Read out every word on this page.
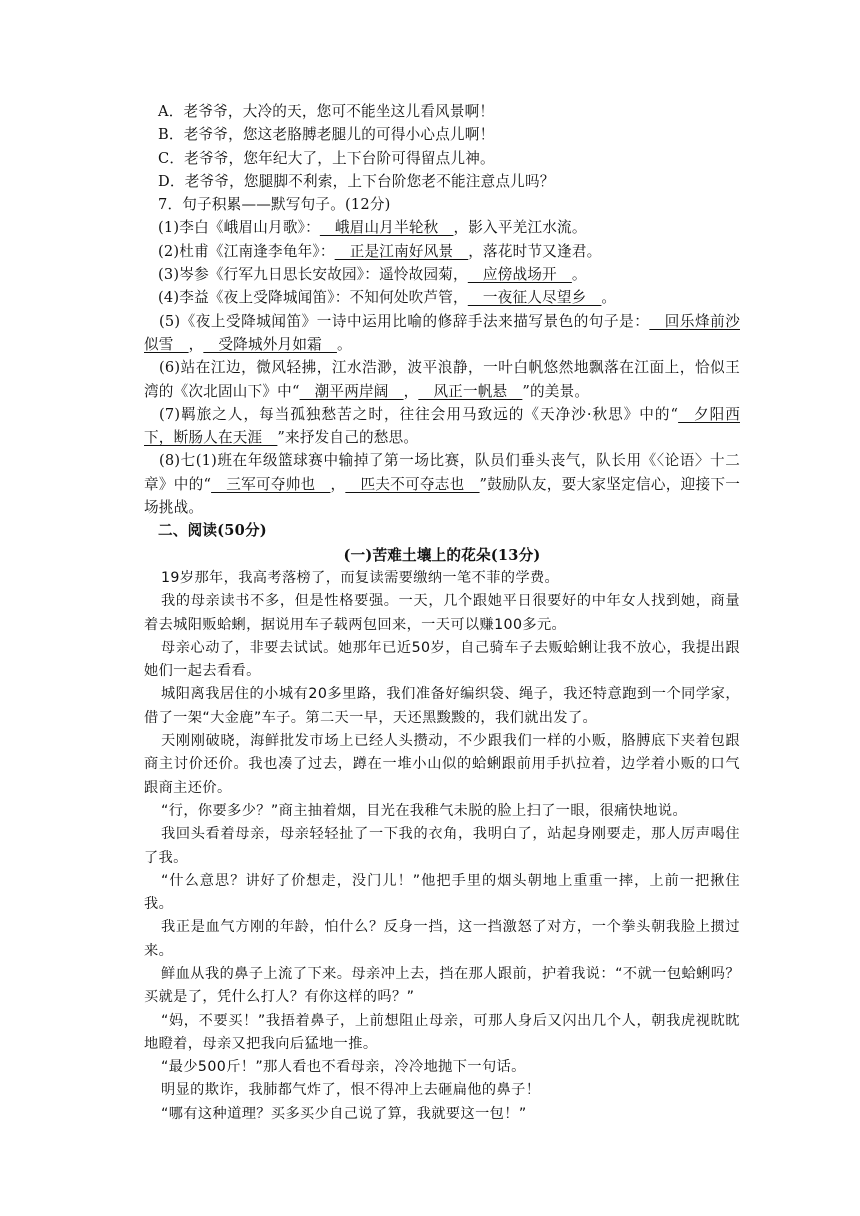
A．老爷爷，大冷的天，您可不能坐这儿看风景啊！
B．老爷爷，您这老胳膊老腿儿的可得小心点儿啊！
C．老爷爷，您年纪大了，上下台阶可得留点儿神。
D．老爷爷，您腿脚不利索，上下台阶您老不能注意点儿吗？
7．句子积累——默写句子。(12分)
(1)李白《峨眉山月歌》：__峨眉山月半轮秋__，影入平羌江水流。
(2)杜甫《江南逢李龟年》：__正是江南好风景__，落花时节又逢君。
(3)岑参《行军九日思长安故园》：遥怜故园菊，__应傍战场开__。
(4)李益《夜上受降城闻笛》：不知何处吹芦管，__一夜征人尽望乡__。
(5)《夜上受降城闻笛》一诗中运用比喻的修辞手法来描写景色的句子是：__回乐烽前沙似雪__，__受降城外月如霜__。
(6)站在江边，微风轻拂，江水浩渺，波平浪静，一叶白帆悠然地飘落在江面上，恰似王湾的《次北固山下》中“__潮平两岸阔__，__风正一帆悬__”的美景。
(7)羁旅之人，每当孤独愁苦之时，往往会用马致远的《天净沙·秋思》中的“__夕阳西下，断肠人在天涯__”来抒发自己的愁思。
(8)七(1)班在年级篮球赛中输掉了第一场比赛，队员们垂头丧气，队长用《〈论语〉十二章》中的“__三军可夺帅也__，__匹夫不可夺志也__”鼓励队友，要大家坚定信心，迎接下一场挑战。
二、阅读(50分)
(一)苦难土壤上的花朵(13分)
19岁那年，我高考落榜了，而复读需要缴纳一笔不菲的学费。
我的母亲读书不多，但是性格要强。一天，几个跟她平日很要好的中年女人找到她，商量着去城阳贩蛤蜊，据说用车子载两包回来，一天可以赚100多元。
母亲心动了，非要去试试。她那年已近50岁，自己骑车子去贩蛤蜊让我不放心，我提出跟她们一起去看看。
城阳离我居住的小城有20多里路，我们准备好编织袋、绳子，我还特意跑到一个同学家，借了一架“大金鹿”车子。第二天一早，天还黑黢黢的，我们就出发了。
天刚刚破晓，海鲜批发市场上已经人头攒动，不少跟我们一样的小贩，胳膊底下夹着包跟商主讨价还价。我也凑了过去，蹲在一堆小山似的蛤蜊跟前用手扒拉着，边学着小贩的口气跟商主还价。
“行，你要多少？”商主抽着烟，目光在我稚气未脱的脸上扫了一眼，很痛快地说。
我回头看着母亲，母亲轻轻扯了一下我的衣角，我明白了，站起身刚要走，那人厉声喝住了我。
“什么意思？讲好了价想走，没门儿！”他把手里的烟头朝地上重重一摔，上前一把揪住我。
我正是血气方刚的年龄，怕什么？反身一挡，这一挡激怒了对方，一个拳头朝我脸上掼过来。
鲜血从我的鼻子上流了下来。母亲冲上去，挡在那人跟前，护着我说：“不就一包蛤蜊吗？买就是了，凭什么打人？有你这样的吗？”
“妈，不要买！”我捂着鼻子，上前想阻止母亲，可那人身后又闪出几个人，朝我虎视眈眈地瞪着，母亲又把我向后猛地一推。
“最少500斤！”那人看也不看母亲，冷冷地抛下一句话。
明显的欺诈，我肺都气炸了，恨不得冲上去砸扁他的鼻子！
“哪有这种道理？买多买少自己说了算，我就要这一包！”
